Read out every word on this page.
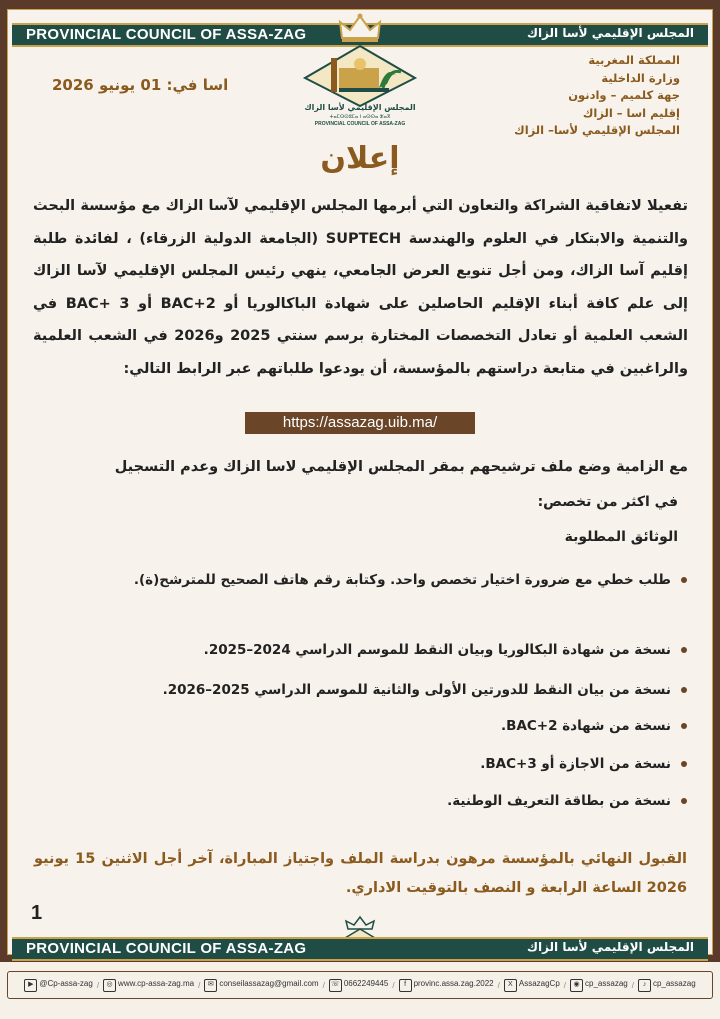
PROVINCIAL COUNCIL OF ASSA-ZAG	المجلس الإقليمي لأسا الزاك
المجلس الإقليمي لأسا الزاك
ⵜⴰⵎⵙⵙⵓⵎⴰ ⵏ ⴰⵙⵙⴰ ⵣⴰⴳ
PROVINCIAL COUNCIL OF ASSA-ZAG
اسا في: 01 يونيو 2026
المملكة المغربية
وزارة الداخلية
جهة كلميم – وادنون
إقليم اسا – الزاك
المجلس الإقليمي لأسا– الزاك
إعلان
تفعيلا لاتفاقية الشراكة والتعاون التي أبرمها المجلس الإقليمي لآسا الزاك مع مؤسسة البحث والتنمية والابتكار في العلوم والهندسة SUPTECH (الجامعة الدولية الزرقاء) ، لفائدة طلبة إقليم آسا الزاك، ومن أجل تنويع العرض الجامعي، ينهي رئيس المجلس الإقليمي لآسا الزاك إلى علم كافة أبناء الإقليم الحاصلين على شهادة الباكالوريا أو BAC+2 أو BAC+ 3 في الشعب العلمية أو تعادل التخصصات المختارة برسم سنتي 2025 و2026 في الشعب العلمية والراغبين في متابعة دراستهم بالمؤسسة، أن يودعوا طلباتهم عبر الرابط التالي:
https://assazag.uib.ma/
مع الزامية وضع ملف ترشيحهم بمقر المجلس الإقليمي لاسا الزاك وعدم التسجيل
في اكثر من تخصص:
الوثائق المطلوبة
طلب خطي مع ضرورة اختيار تخصص واحد. وكتابة رقم هاتف الصحيح للمترشح(ة).
نسخة من شهادة البكالوريا وبيان النقط للموسم الدراسي 2024–2025.
نسخة من بيان النقط للدورتين الأولى والثانية للموسم الدراسي 2025–2026.
نسخة من شهادة BAC+2.
نسخة من الاجازة أو BAC+3.
نسخة من بطاقة التعريف الوطنية.
القبول النهائي بالمؤسسة مرهون بدراسة الملف واجتياز المباراة، آخر أجل الاثنين 15 يونيو 2026 الساعة الرابعة و النصف بالتوقيت الاداري.
1
PROVINCIAL COUNCIL OF ASSA-ZAG	المجلس الإقليمي لأسا الزاك
▶ @Cp-assa-zag /	◎ www.cp-assa-zag.ma /	✉ conseilassazag@gmail.com / ☏ 0662249445 /	f provinc.assa.zag.2022 /	X AssazagCp /	◉ cp_assazag /	♪ cp_assazag
